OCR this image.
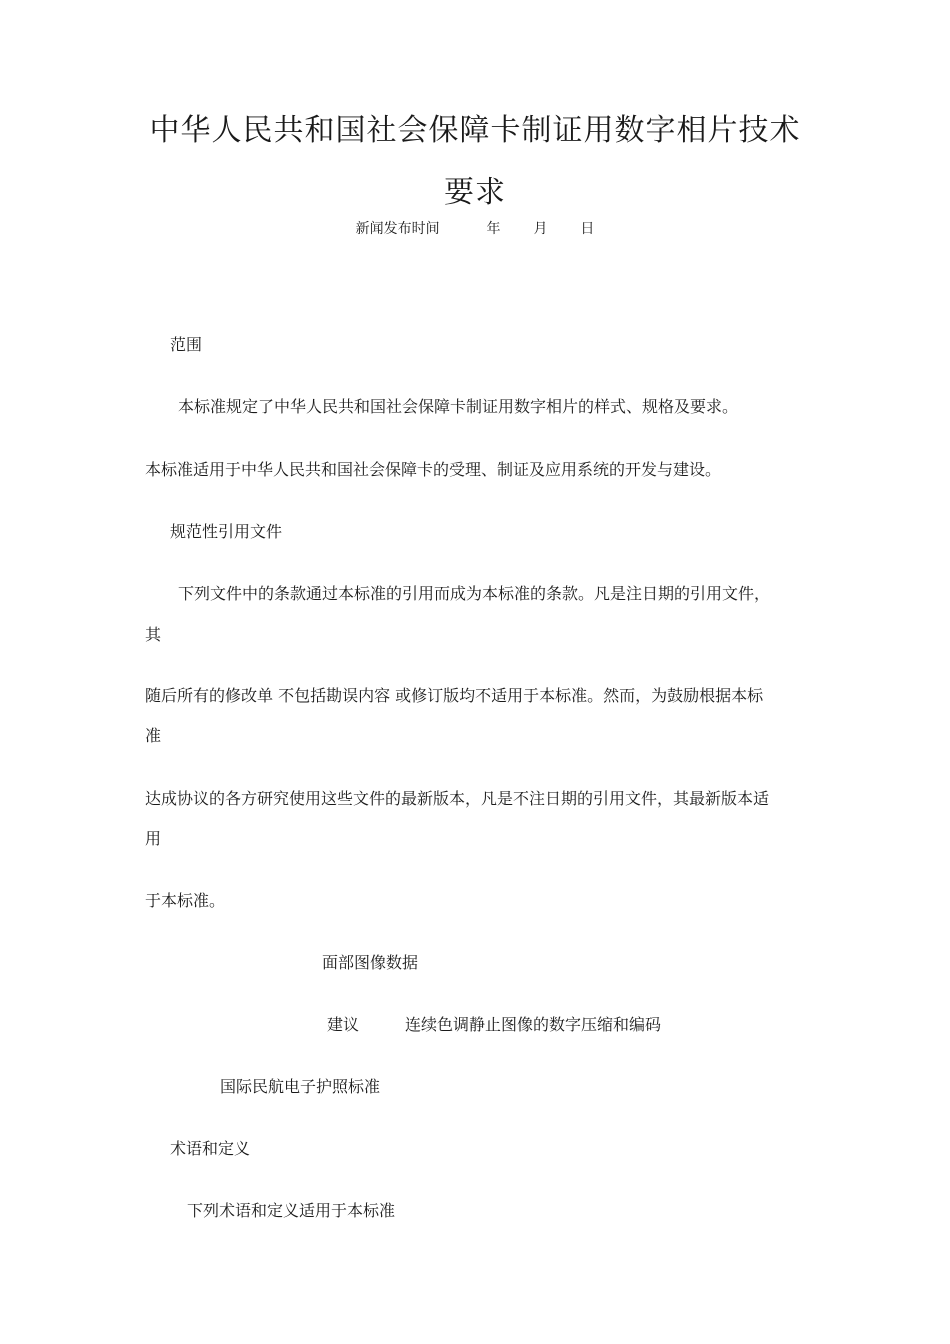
中华人民共和国社会保障卡制证用数字相片技术要求
新闻发布时间	年 月 日
范围
本标准规定了中华人民共和国社会保障卡制证用数字相片的样式、规格及要求。
本标准适用于中华人民共和国社会保障卡的受理、制证及应用系统的开发与建设。
规范性引用文件
下列文件中的条款通过本标准的引用而成为本标准的条款。凡是注日期的引用文件，
其
随后所有的修改单 不包括勘误内容 或修订版均不适用于本标准。然而，为鼓励根据本标
准
达成协议的各方研究使用这些文件的最新版本，凡是不注日期的引用文件，其最新版本适
用
于本标准。
面部图像数据
建议	连续色调静止图像的数字压缩和编码
国际民航电子护照标准
术语和定义
下列术语和定义适用于本标准
